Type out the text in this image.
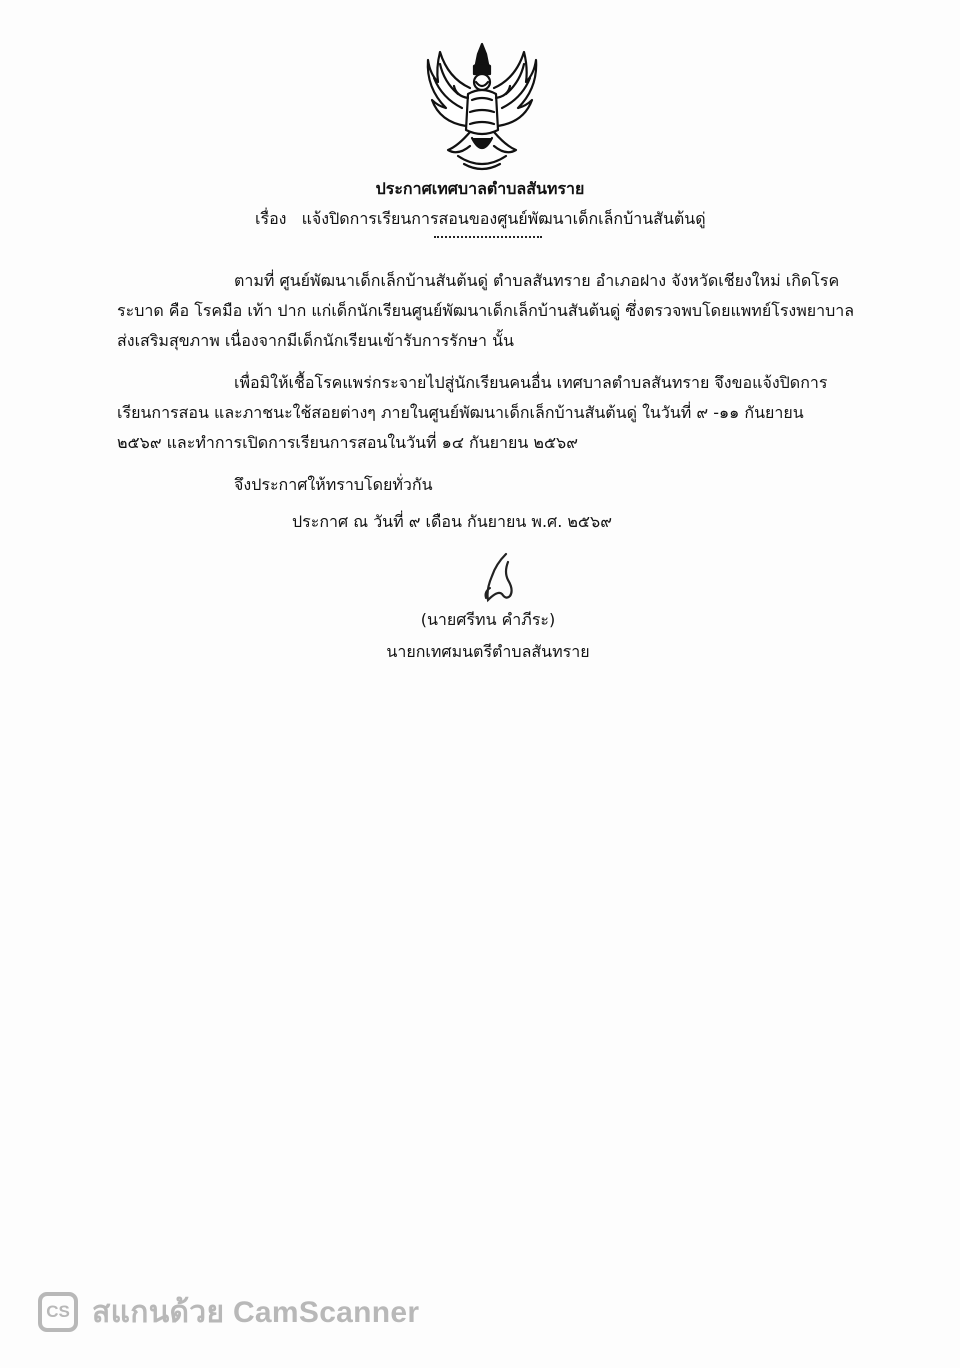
ประกาศเทศบาลตำบลสันทราย
เรื่อง แจ้งปิดการเรียนการสอนของศูนย์พัฒนาเด็กเล็กบ้านสันต้นดู่
ตามที่ ศูนย์พัฒนาเด็กเล็กบ้านสันต้นดู่ ตำบลสันทราย อำเภอฝาง จังหวัดเชียงใหม่ เกิดโรค
ระบาด คือ โรคมือ เท้า ปาก แก่เด็กนักเรียนศูนย์พัฒนาเด็กเล็กบ้านสันต้นดู่ ซึ่งตรวจพบโดยแพทย์โรงพยาบาล
ส่งเสริมสุขภาพ เนื่องจากมีเด็กนักเรียนเข้ารับการรักษา นั้น
เพื่อมิให้เชื้อโรคแพร่กระจายไปสู่นักเรียนคนอื่น เทศบาลตำบลสันทราย จึงขอแจ้งปิดการ
เรียนการสอน และภาชนะใช้สอยต่างๆ ภายในศูนย์พัฒนาเด็กเล็กบ้านสันต้นดู่ ในวันที่ ๙ -๑๑ กันยายน
๒๕๖๙ และทำการเปิดการเรียนการสอนในวันที่ ๑๔ กันยายน ๒๕๖๙
จึงประกาศให้ทราบโดยทั่วกัน
ประกาศ ณ วันที่ ๙ เดือน กันยายน พ.ศ. ๒๕๖๙
(นายศรีทน คำภีระ)
นายกเทศมนตรีตำบลสันทราย
CS สแกนด้วย CamScanner
